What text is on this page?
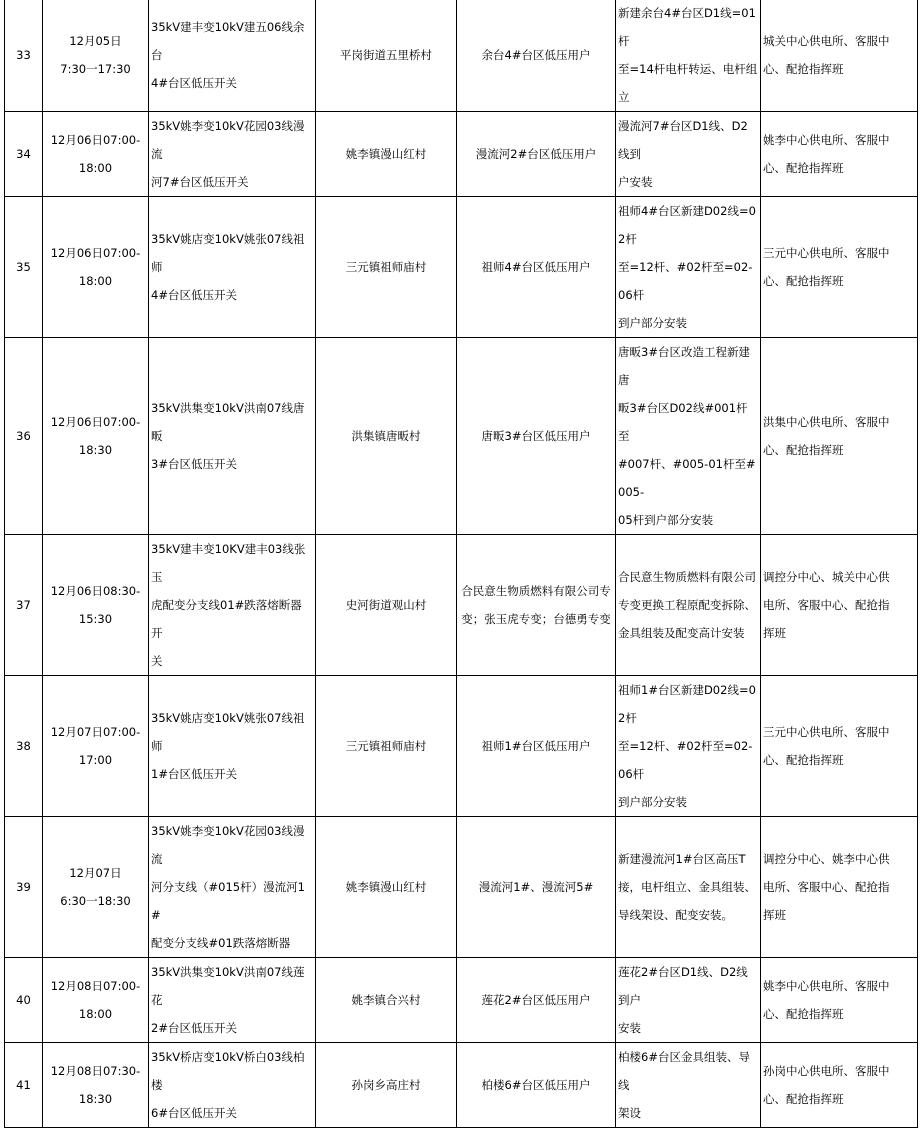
33	12月05日
7:30一17:30	35kV建丰变10kV建五06线余台
4#台区低压开关	平岗街道五里桥村	余台4#台区低压用户	新建余台4#台区D1线=01杆
至=14杆电杆转运、电杆组
立	城关中心供电所、客服中
心、配抢指挥班

34	12月06日07:00-
18:00	35kV姚李变10kV花园03线漫流
河7#台区低压开关	姚李镇漫山红村	漫流河2#台区低压用户	漫流河7#台区D1线、D2线到
户安装	姚李中心供电所、客服中
心、配抢指挥班

35	12月06日07:00-
18:00	35kV姚店变10kV姚张07线祖师
4#台区低压开关	三元镇祖师庙村	祖师4#台区低压用户	祖师4#台区新建D02线=02杆
至=12杆、#02杆至=02-06杆
到户部分安装	三元中心供电所、客服中
心、配抢指挥班

36	12月06日07:00-
18:30	35kV洪集变10kV洪南07线唐畈
3#台区低压开关	洪集镇唐畈村	唐畈3#台区低压用户	唐畈3#台区改造工程新建唐
畈3#台区D02线#001杆至
#007杆、#005-01杆至#005-
05杆到户部分安装	洪集中心供电所、客服中
心、配抢指挥班

37	12月06日08:30-
15:30	35kV建丰变10KV建丰03线张玉
虎配变分支线01#跌落熔断器开
关	史河街道观山村	合民意生物质燃料有限公司专
变；张玉虎专变；台德勇专变	合民意生物质燃料有限公司
专变更换工程原配变拆除、
金具组装及配变高计安装	调控分中心、城关中心供
电所、客服中心、配抢指
挥班

38	12月07日07:00-
17:00	35kV姚店变10kV姚张07线祖师
1#台区低压开关	三元镇祖师庙村	祖师1#台区低压用户	祖师1#台区新建D02线=02杆
至=12杆、#02杆至=02-06杆
到户部分安装	三元中心供电所、客服中
心、配抢指挥班

39	12月07日
6:30一18:30	35kV姚李变10kV花园03线漫流
河分支线（#015杆）漫流河1#
配变分支线#01跌落熔断器	姚李镇漫山红村	漫流河1#、漫流河5#	新建漫流河1#台区高压T
接，电杆组立、金具组装、
导线架设、配变安装。	调控分中心、姚李中心供
电所、客服中心、配抢指
挥班

40	12月08日07:00-
18:00	35kV洪集变10kV洪南07线莲花
2#台区低压开关	姚李镇合兴村	莲花2#台区低压用户	莲花2#台区D1线、D2线到户
安装	姚李中心供电所、客服中
心、配抢指挥班

41	12月08日07:30-
18:30	35kV桥店变10kV桥白03线柏楼
6#台区低压开关	孙岗乡高庄村	柏楼6#台区低压用户	柏楼6#台区金具组装、导线
架设	孙岗中心供电所、客服中
心、配抢指挥班
